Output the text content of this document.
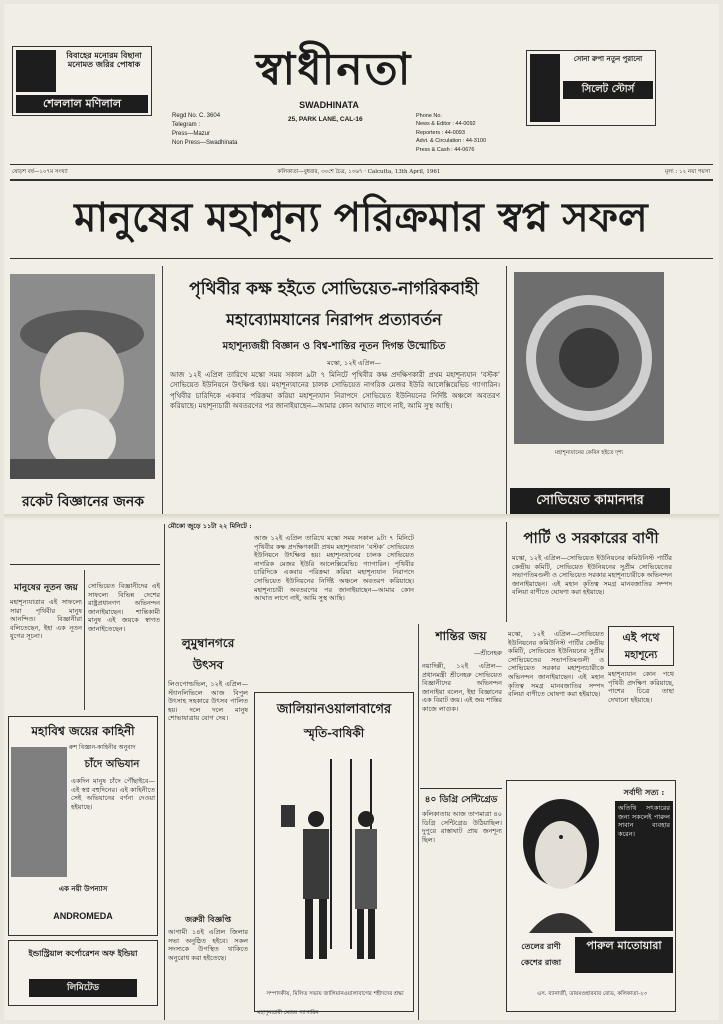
বিবাহের মনোরম বিছানা মনোমত জরির পোষাক
শেললাল মণিলাল
স্বাধীনতা
SWADHINATA
Regd No. C. 3604
Telegram :
Press—Mazur
Non Press—Swadhinata
25, PARK LANE, CAL-16	Phone No.
News & Editor : 44-0092
Reporters : 44-0093
Advt. & Circulation : 44-3100
Press & Cash : 44-0676
সোনা রুপা নতুন পুরানো
সিলেট স্টোর্স
ষোড়শ বর্ষ—১০৭ম সংখ্যা	কলিকাতা—বুধবার, ৩০শে চৈত্র, ১৩৬৭ · Calcutta, 13th April, 1961	মূল্য : ১২ নয়া পয়সা
মানুষের মহাশূন্য পরিক্রমার স্বপ্ন সফল
রকেট বিজ্ঞানের জনক
পৃথিবীর কক্ষ হইতে সোভিয়েত-নাগরিকবাহী
মহাব্যোমযানের নিরাপদ প্রত্যাবর্তন
মহাশূন্যজয়ী বিজ্ঞান ও বিশ্ব-শান্তির নূতন দিগন্ত উন্মোচিত
মস্কো, ১২ই এপ্রিল—
আজ ১২ই এপ্রিল তারিখে মস্কো সময় সকাল ৯টা ৭ মিনিটে পৃথিবীর কক্ষ প্রদক্ষিণকারী প্রথম মহাশূন্যযান ‘বস্টক’ সোভিয়েত ইউনিয়নে উৎক্ষিপ্ত হয়। মহাশূন্যযানের চালক সোভিয়েত নাগরিক মেজর ইউরি আলেক্সিয়েভিচ গ্যাগারিন। পৃথিবীর চারিদিকে একবার পরিক্রমা করিয়া মহাশূন্যযান নিরাপদে সোভিয়েত ইউনিয়নের নির্দিষ্ট অঞ্চলে অবতরণ করিয়াছে। মহাশূন্যচারী অবতরণের পর জানাইয়াছেন—আমার কোন আঘাত লাগে নাই, আমি সুস্থ আছি।
মহাশূন্যযানের কেবিন হইতে দৃশ্য
সোভিয়েত কামানদার
মৌকো জুড়ে ১১টা ২২ মিনিটে :
মানুষের নূতন জয়
মহাশূন্যযাত্রার এই সাফল্যে সারা পৃথিবীর মানুষ আনন্দিত। বিজ্ঞানীরা বলিতেছেন, ইহা এক নূতন যুগের সূচনা।
সোভিয়েত বিজ্ঞানীদের এই সাফল্যে বিভিন্ন দেশের রাষ্ট্রপ্রধানগণ অভিনন্দন জানাইয়াছেন। শান্তিকামী মানুষ এই জয়কে স্বাগত জানাইতেছেন।
লুমুম্বানগরে উৎসব
লিওপোল্ডভিল, ১২ই এপ্রিল—স্ট্যানলিভিলে আজ বিপুল উৎসাহ সহকারে উৎসব পালিত হয়। দলে দলে মানুষ শোভাযাত্রায় যোগ দেয়।
মহাবিশ্ব জয়ের কাহিনী
রুশ বিজ্ঞান-কাহিনীর অনুবাদ
চাঁদে অভিযান
একদিন মানুষ চাঁদে পৌঁছাইবে—এই স্বপ্ন বহুদিনের। এই কাহিনীতে সেই অভিযানের বর্ণনা দেওয়া হইয়াছে।
এক নয়ী উপন্যাস
ANDROMEDA
ইন্ডাস্ট্রিয়াল কর্পোরেশন অফ ইন্ডিয়া
লিমিটেড
আজ ১২ই এপ্রিল তারিখে মস্কো সময় সকাল ৯টা ৭ মিনিটে পৃথিবীর কক্ষ প্রদক্ষিণকারী প্রথম মহাশূন্যযান ‘বস্টক’ সোভিয়েত ইউনিয়নে উৎক্ষিপ্ত হয়। মহাশূন্যযানের চালক সোভিয়েত নাগরিক মেজর ইউরি আলেক্সিয়েভিচ গ্যাগারিন। পৃথিবীর চারিদিকে একবার পরিক্রমা করিয়া মহাশূন্যযান নিরাপদে সোভিয়েত ইউনিয়নের নির্দিষ্ট অঞ্চলে অবতরণ করিয়াছে। মহাশূন্যচারী অবতরণের পর জানাইয়াছেন—আমার কোন আঘাত লাগে নাই, আমি সুস্থ আছি।
জালিয়ানওয়ালাবাগের
স্মৃতি-বাষিকী
সম্পাদকীয়, মিলিত সভায় জালিয়ানওয়ালাবাগের শহীদদের শ্রদ্ধা
শান্তির জয়
—শ্রীনেহরু
নয়াদিল্লী, ১২ই এপ্রিল—প্রধানমন্ত্রী শ্রীনেহরু সোভিয়েত বিজ্ঞানীদের অভিনন্দন জানাইয়া বলেন, ইহা বিজ্ঞানের এক বিরাট জয়। এই জয় শান্তির কাজে লাগুক।
৪০ ডিগ্রি সেন্টিগ্রেড
কলিকাতায় আজ তাপমাত্রা ৪০ ডিগ্রি সেন্টিগ্রেড উঠিয়াছিল। দুপুরে রাস্তাঘাট প্রায় জনশূন্য ছিল।
পার্টি ও সরকারের বাণী
মস্কো, ১২ই এপ্রিল—সোভিয়েত ইউনিয়নের কমিউনিস্ট পার্টির কেন্দ্রীয় কমিটি, সোভিয়েত ইউনিয়নের সুপ্রীম সোভিয়েতের সভাপতিমণ্ডলী ও সোভিয়েত সরকার মহাশূন্যচারীকে অভিনন্দন জানাইয়াছেন। এই মহান কৃতিত্ব সমগ্র মানবজাতির সম্পদ বলিয়া বাণীতে ঘোষণা করা হইয়াছে।
মস্কো, ১২ই এপ্রিল—সোভিয়েত ইউনিয়নের কমিউনিস্ট পার্টির কেন্দ্রীয় কমিটি, সোভিয়েত ইউনিয়নের সুপ্রীম সোভিয়েতের সভাপতিমণ্ডলী ও সোভিয়েত সরকার মহাশূন্যচারীকে অভিনন্দন জানাইয়াছেন। এই মহান কৃতিত্ব সমগ্র মানবজাতির সম্পদ বলিয়া বাণীতে ঘোষণা করা হইয়াছে।
এই পথে
মহাশূন্যে
মহাশূন্যযান কোন পথে পৃথিবী প্রদক্ষিণ করিয়াছে, পাশের চিত্রে তাহা দেখানো হইয়াছে।
জরুরী বিজ্ঞপ্তি
আগামী ১৪ই এপ্রিল জিলার সভা অনুষ্ঠিত হইবে। সকল সদস্যকে উপস্থিত থাকিতে অনুরোধ করা হইতেছে।
সর্বাদী সত্য :
অতিথি সৎকারের জন্য সকলেই পারুল সাবান ব্যবহার করেন।
তেলের রাণী
কেশের রাজা
পারুল মাতোয়ারা
এস. ব্যানার্জী, ডায়মণ্ডহারবার রোড, কলিকাতা-২৩
মহাশূন্যচারী মেজর গ্যাগারিন
